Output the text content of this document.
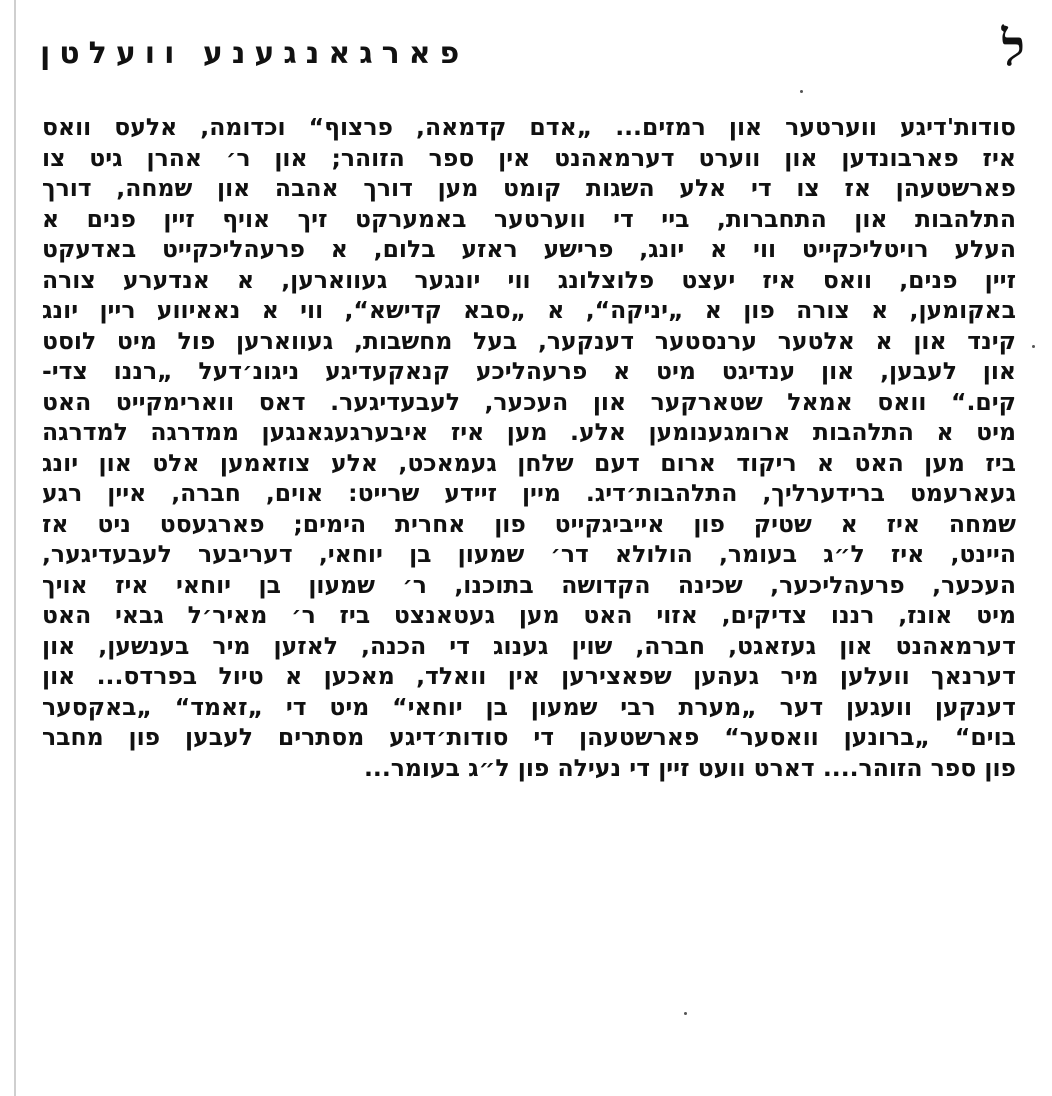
ל
פארגאנגענע וועלטן
סודות'דיגע ווערטער און רמזים... „אדם קדמאה, פרצוף“ וכדומה, אלעס וואס
איז פארבונדען און ווערט דערמאהנט אין ספר הזוהר; און ר׳ אהרן גיט צו
פארשטעהן אז צו די אלע השגות קומט מען דורך אהבה און שמחה, דורך
התלהבות און התחברות, ביי די ווערטער באמערקט זיך אויף זיין פנים א
העלע רויטליכקייט ווי א יונג, פרישע ראזע בלום, א פרעהליכקייט באדעקט
זיין פנים, וואס איז יעצט פלוצלונג ווי יונגער געווארען, א אנדערע צורה
באקומען, א צורה פון א „יניקה“, א „סבא קדישא“, ווי א נאאיווע ריין יונג
קינד און א אלטער ערנסטער דענקער, בעל מחשבות, געווארען פול מיט לוסט
און לעבען, און ענדיגט מיט א פרעהליכע קנאקעדיגע ניגונ׳דעל „רננו צדי-
קים.“ וואס אמאל שטארקער און העכער, לעבעדיגער. דאס ווארימקייט האט
מיט א התלהבות ארומגענומען אלע. מען איז איבערגעגאנגען ממדרגה למדרגה
ביז מען האט א ריקוד ארום דעם שלחן געמאכט, אלע צוזאמען אלט און יונג
געארעמט ברידערליך, התלהבות׳דיג. מיין זיידע שרייט: אוים, חברה, איין רגע
שמחה איז א שטיק פון אייביגקייט פון אחרית הימים; פארגעסט ניט אז
היינט, איז ל״ג בעומר, הולולא דר׳ שמעון בן יוחאי, דעריבער לעבעדיגער,
העכער, פרעהליכער, שכינה הקדושה בתוכנו, ר׳ שמעון בן יוחאי איז אויך
מיט אונז, רננו צדיקים, אזוי האט מען געטאנצט ביז ר׳ מאיר׳ל גבאי האט
דערמאהנט און געזאגט, חברה, שוין גענוג די הכנה, לאזען מיר בענשען, און
דערנאך וועלען מיר געהען שפאצירען אין וואלד, מאכען א טיול בפרדס... און
דענקען וועגען דער „מערת רבי שמעון בן יוחאי“ מיט די „זאמד“ „באקסער
בוים“ „ברונען וואסער“ פארשטעהן די סודות׳דיגע מסתרים לעבען פון מחבר
פון ספר הזוהר.... דארט וועט זיין די נעילה פון ל״ג בעומר...
